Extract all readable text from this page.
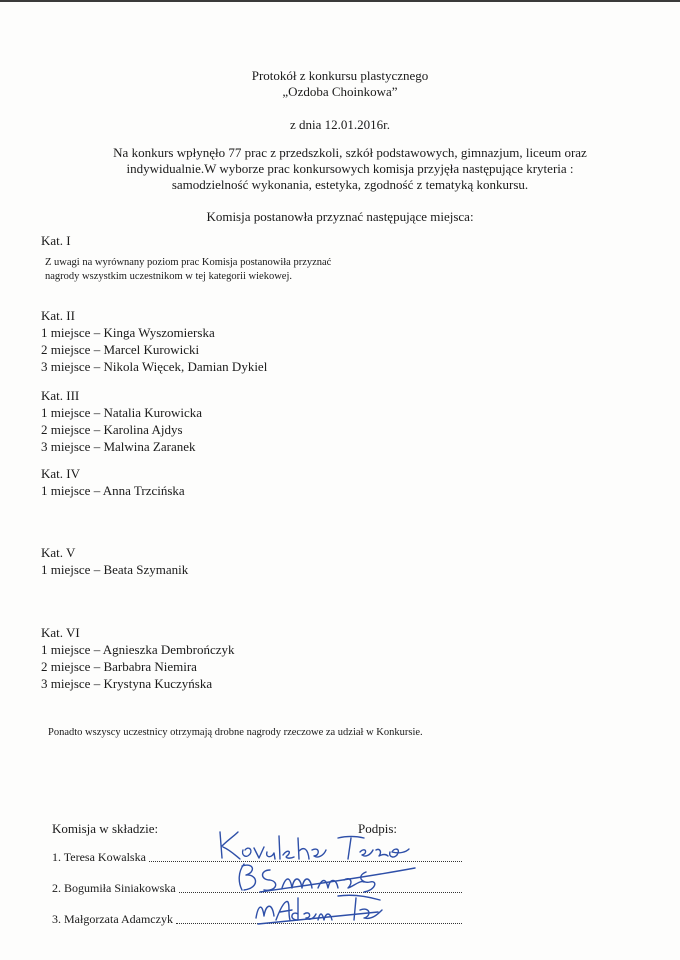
Protokół z konkursu plastycznego
„Ozdoba Choinkowa”
z dnia 12.01.2016r.
Na konkurs wpłynęło 77 prac z przedszkoli, szkół podstawowych, gimnazjum, liceum oraz
indywidualnie.W wyborze prac konkursowych komisja przyjęła następujące kryteria :
samodzielność wykonania, estetyka, zgodność z tematyką konkursu.
Komisja postanowła przyznać następujące miejsca:
Kat. I
Z uwagi na wyrównany poziom prac Komisja postanowiła przyznać
nagrody wszystkim uczestnikom w tej kategorii wiekowej.
Kat. II
1 miejsce – Kinga Wyszomierska
2 miejsce – Marcel Kurowicki
3 miejsce – Nikola Więcek, Damian Dykiel
Kat. III
1 miejsce – Natalia Kurowicka
2 miejsce – Karolina Ajdys
3 miejsce – Malwina Zaranek
Kat. IV
1 miejsce – Anna Trzcińska
Kat. V
1 miejsce – Beata Szymanik
Kat. VI
1 miejsce – Agnieszka Dembrończyk
2 miejsce – Barbabra Niemira
3 miejsce – Krystyna Kuczyńska
Ponadto wszyscy uczestnicy otrzymają drobne nagrody rzeczowe za udział w Konkursie.
Komisja w składzie:	Podpis:
1. Teresa Kowalska
2. Bogumiła Siniakowska
3. Małgorzata Adamczyk
